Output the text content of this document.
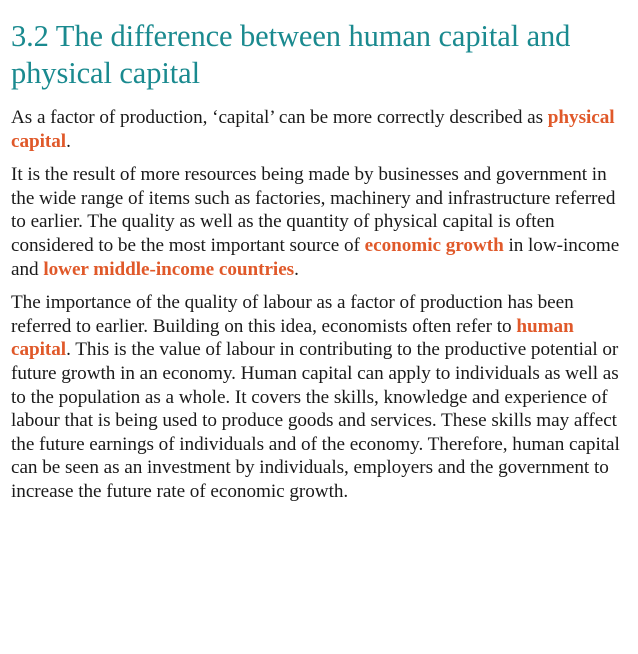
3.2 The difference between human capital and physical capital

As a factor of production, ‘capital’ can be more correctly described as physical capital.

It is the result of more resources being made by businesses and government in the wide range of items such as factories, machinery and infrastructure referred to earlier. The quality as well as the quantity of physical capital is often considered to be the most important source of economic growth in low-income and lower middle-income countries.

The importance of the quality of labour as a factor of production has been referred to earlier. Building on this idea, economists often refer to human capital. This is the value of labour in contributing to the productive potential or future growth in an economy. Human capital can apply to individuals as well as to the population as a whole. It covers the skills, knowledge and experience of labour that is being used to produce goods and services. These skills may affect the future earnings of individuals and of the economy. Therefore, human capital can be seen as an investment by individuals, employers and the government to increase the future rate of economic growth.
